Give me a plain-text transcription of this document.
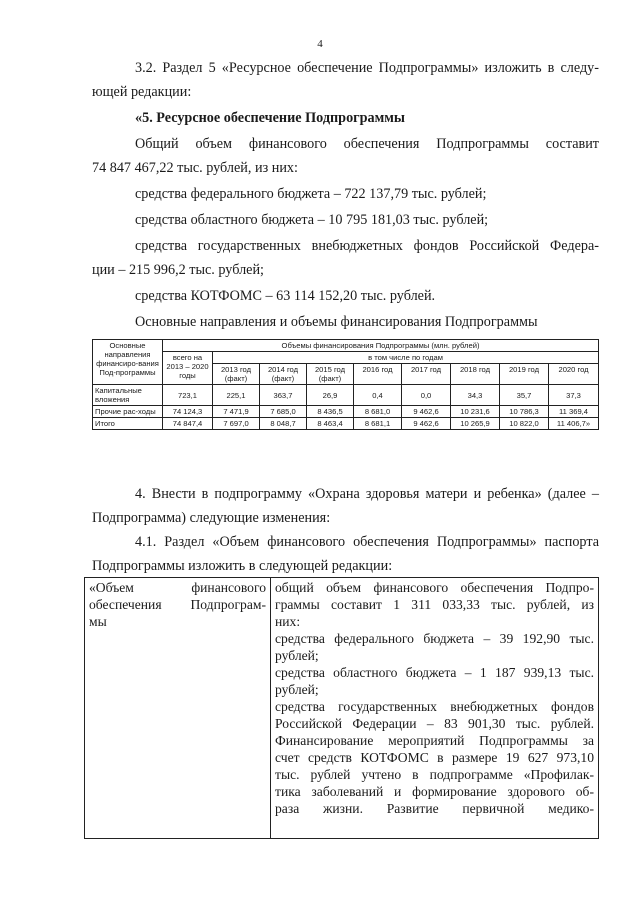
4
3.2. Раздел 5 «Ресурсное обеспечение Подпрограммы» изложить в следу-
ющей редакции:
«5. Ресурсное обеспечение Подпрограммы
Общий объем финансового обеспечения Подпрограммы составит
74 847 467,22 тыс. рублей, из них:
средства федерального бюджета – 722 137,79 тыс. рублей;
средства областного бюджета – 10 795 181,03 тыс. рублей;
средства государственных внебюджетных фондов Российской Федера-
ции – 215 996,2 тыс. рублей;
средства КОТФОМС – 63 114 152,20 тыс. рублей.
Основные направления и объемы финансирования Подпрограммы
Основные направления финансиро-вания Под-программы	Объемы финансирования Подпрограммы (млн. рублей)								
	всего на 2013 – 2020 годы	в том числе по годам							
		2013 год (факт)	2014 год (факт)	2015 год (факт)	2016 год	2017 год	2018 год	2019 год	2020 год
Капитальные вложения	723,1	225,1	363,7	26,9	0,4	0,0	34,3	35,7	37,3
Прочие рас-ходы	74 124,3	7 471,9	7 685,0	8 436,5	8 681,0	9 462,6	10 231,6	10 786,3	11 369,4
Итого	74 847,4	7 697,0	8 048,7	8 463,4	8 681,1	9 462,6	10 265,9	10 822,0	11 406,7»
4. Внести в подпрограмму «Охрана здоровья матери и ребенка» (далее –
Подпрограмма) следующие изменения:
4.1. Раздел «Объем финансового обеспечения Подпрограммы» паспорта
Подпрограммы изложить в следующей редакции:
«Объем финансового
обеспечения Подпрограм-
мы

общий объем финансового обеспечения Подпро-
граммы составит 1 311 033,33 тыс. рублей, из
них:
средства федерального бюджета – 39 192,90 тыс.
рублей;
средства областного бюджета – 1 187 939,13 тыс.
рублей;
средства государственных внебюджетных фондов
Российской Федерации – 83 901,30 тыс. рублей.
Финансирование мероприятий Подпрограммы за
счет средств КОТФОМС в размере 19 627 973,10
тыс. рублей учтено в подпрограмме «Профилак-
тика заболеваний и формирование здорового об-
раза жизни. Развитие первичной медико-
